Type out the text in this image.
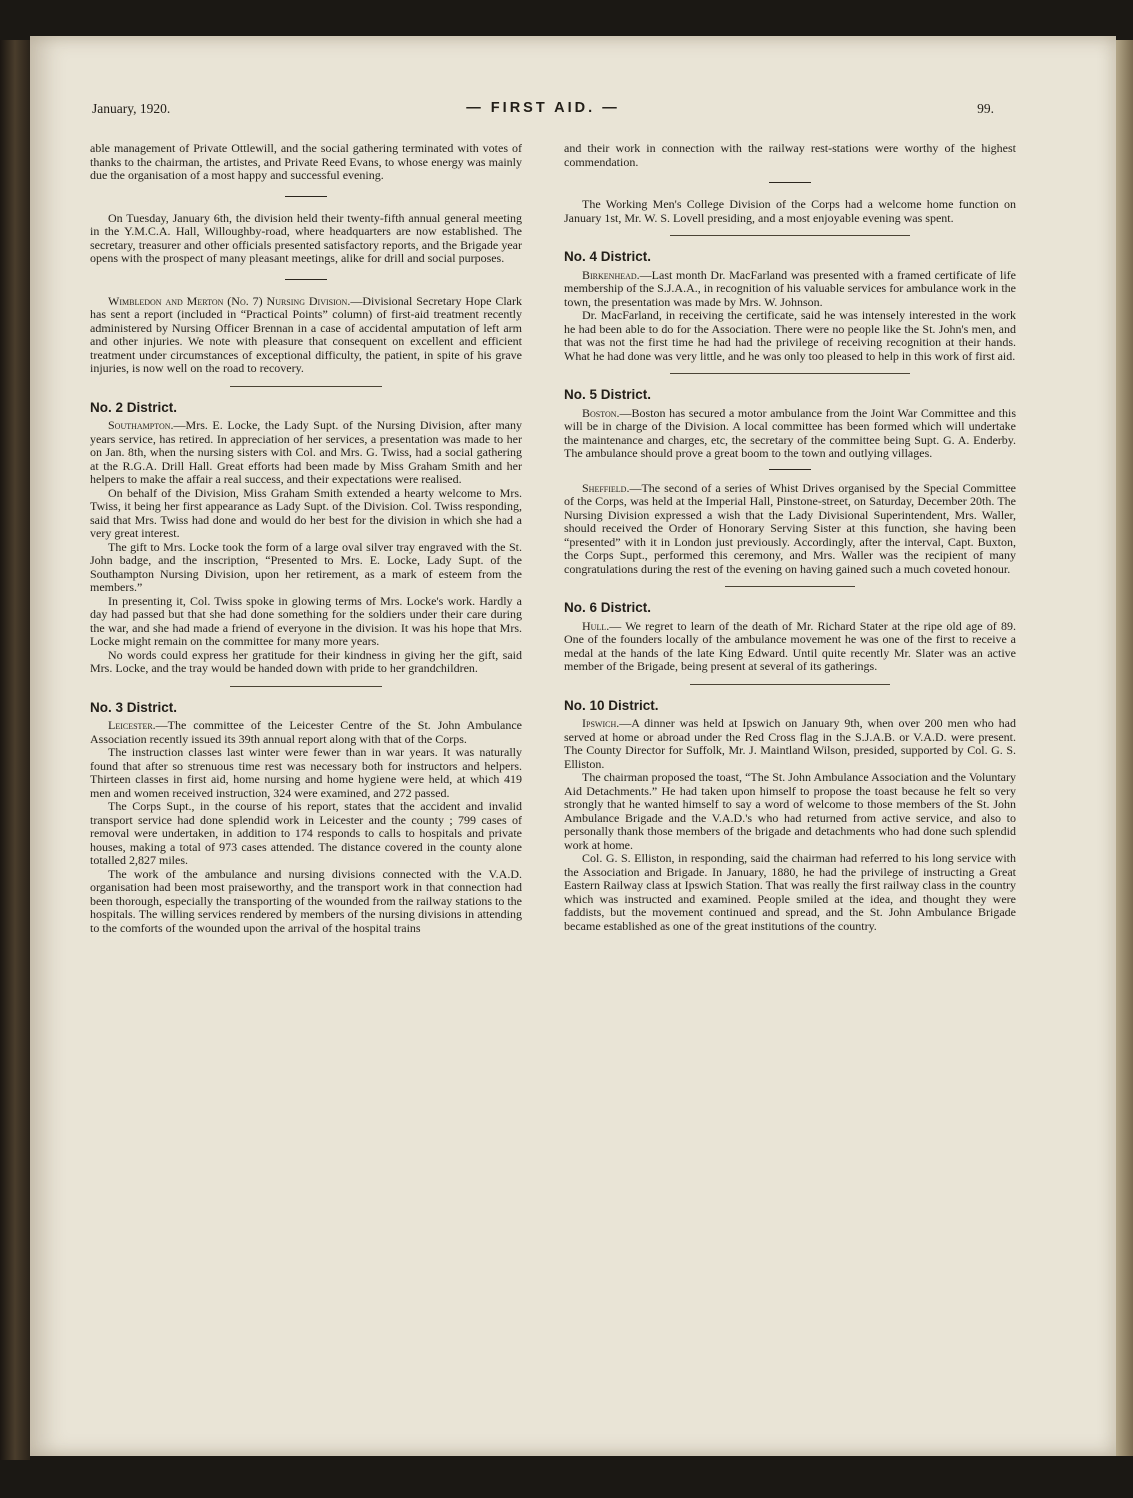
January, 1920.	— FIRST AID. —	99.

able management of Private Ottlewill, and the social gathering terminated with votes of thanks to the chairman, the artistes, and Private Reed Evans, to whose energy was mainly due the organisation of a most happy and successful evening.

On Tuesday, January 6th, the division held their twenty-fifth annual general meeting in the Y.M.C.A. Hall, Willoughby-road, where headquarters are now established. The secretary, treasurer and other officials presented satisfactory reports, and the Brigade year opens with the prospect of many pleasant meetings, alike for drill and social purposes.

Wimbledon and Merton (No. 7) Nursing Division.—Divisional Secretary Hope Clark has sent a report (included in “Practical Points” column) of first-aid treatment recently administered by Nursing Officer Brennan in a case of accidental amputation of left arm and other injuries. We note with pleasure that consequent on excellent and efficient treatment under circumstances of exceptional difficulty, the patient, in spite of his grave injuries, is now well on the road to recovery.

No. 2 District.

Southampton.—Mrs. E. Locke, the Lady Supt. of the Nursing Division, after many years service, has retired. In appreciation of her services, a presentation was made to her on Jan. 8th, when the nursing sisters with Col. and Mrs. G. Twiss, had a social gathering at the R.G.A. Drill Hall. Great efforts had been made by Miss Graham Smith and her helpers to make the affair a real success, and their expectations were realised.

On behalf of the Division, Miss Graham Smith extended a hearty welcome to Mrs. Twiss, it being her first appearance as Lady Supt. of the Division. Col. Twiss responding, said that Mrs. Twiss had done and would do her best for the division in which she had a very great interest.

The gift to Mrs. Locke took the form of a large oval silver tray engraved with the St. John badge, and the inscription, “Presented to Mrs. E. Locke, Lady Supt. of the Southampton Nursing Division, upon her retirement, as a mark of esteem from the members.”

In presenting it, Col. Twiss spoke in glowing terms of Mrs. Locke's work. Hardly a day had passed but that she had done something for the soldiers under their care during the war, and she had made a friend of everyone in the division. It was his hope that Mrs. Locke might remain on the committee for many more years.

No words could express her gratitude for their kindness in giving her the gift, said Mrs. Locke, and the tray would be handed down with pride to her grandchildren.

No. 3 District.

Leicester.—The committee of the Leicester Centre of the St. John Ambulance Association recently issued its 39th annual report along with that of the Corps.

The instruction classes last winter were fewer than in war years. It was naturally found that after so strenuous time rest was necessary both for instructors and helpers. Thirteen classes in first aid, home nursing and home hygiene were held, at which 419 men and women received instruction, 324 were examined, and 272 passed.

The Corps Supt., in the course of his report, states that the accident and invalid transport service had done splendid work in Leicester and the county ; 799 cases of removal were undertaken, in addition to 174 responds to calls to hospitals and private houses, making a total of 973 cases attended. The distance covered in the county alone totalled 2,827 miles.

The work of the ambulance and nursing divisions connected with the V.A.D. organisation had been most praiseworthy, and the transport work in that connection had been thorough, especially the transporting of the wounded from the railway stations to the hospitals. The willing services rendered by members of the nursing divisions in attending to the comforts of the wounded upon the arrival of the hospital trains

and their work in connection with the railway rest-stations were worthy of the highest commendation.

The Working Men's College Division of the Corps had a welcome home function on January 1st, Mr. W. S. Lovell presiding, and a most enjoyable evening was spent.

No. 4 District.

Birkenhead.—Last month Dr. MacFarland was presented with a framed certificate of life membership of the S.J.A.A., in recognition of his valuable services for ambulance work in the town, the presentation was made by Mrs. W. Johnson.

Dr. MacFarland, in receiving the certificate, said he was intensely interested in the work he had been able to do for the Association. There were no people like the St. John's men, and that was not the first time he had had the privilege of receiving recognition at their hands. What he had done was very little, and he was only too pleased to help in this work of first aid.

No. 5 District.

Boston.—Boston has secured a motor ambulance from the Joint War Committee and this will be in charge of the Division. A local committee has been formed which will undertake the maintenance and charges, etc, the secretary of the committee being Supt. G. A. Enderby. The ambulance should prove a great boom to the town and outlying villages.

Sheffield.—The second of a series of Whist Drives organised by the Special Committee of the Corps, was held at the Imperial Hall, Pinstone-street, on Saturday, December 20th. The Nursing Division expressed a wish that the Lady Divisional Superintendent, Mrs. Waller, should received the Order of Honorary Serving Sister at this function, she having been “presented” with it in London just previously. Accordingly, after the interval, Capt. Buxton, the Corps Supt., performed this ceremony, and Mrs. Waller was the recipient of many congratulations during the rest of the evening on having gained such a much coveted honour.

No. 6 District.

Hull.— We regret to learn of the death of Mr. Richard Stater at the ripe old age of 89. One of the founders locally of the ambulance movement he was one of the first to receive a medal at the hands of the late King Edward. Until quite recently Mr. Slater was an active member of the Brigade, being present at several of its gatherings.

No. 10 District.

Ipswich.—A dinner was held at Ipswich on January 9th, when over 200 men who had served at home or abroad under the Red Cross flag in the S.J.A.B. or V.A.D. were present. The County Director for Suffolk, Mr. J. Maintland Wilson, presided, supported by Col. G. S. Elliston.

The chairman proposed the toast, “The St. John Ambulance Association and the Voluntary Aid Detachments.” He had taken upon himself to propose the toast because he felt so very strongly that he wanted himself to say a word of welcome to those members of the St. John Ambulance Brigade and the V.A.D.'s who had returned from active service, and also to personally thank those members of the brigade and detachments who had done such splendid work at home.

Col. G. S. Elliston, in responding, said the chairman had referred to his long service with the Association and Brigade. In January, 1880, he had the privilege of instructing a Great Eastern Railway class at Ipswich Station. That was really the first railway class in the country which was instructed and examined. People smiled at the idea, and thought they were faddists, but the movement continued and spread, and the St. John Ambulance Brigade became established as one of the great institutions of the country.
